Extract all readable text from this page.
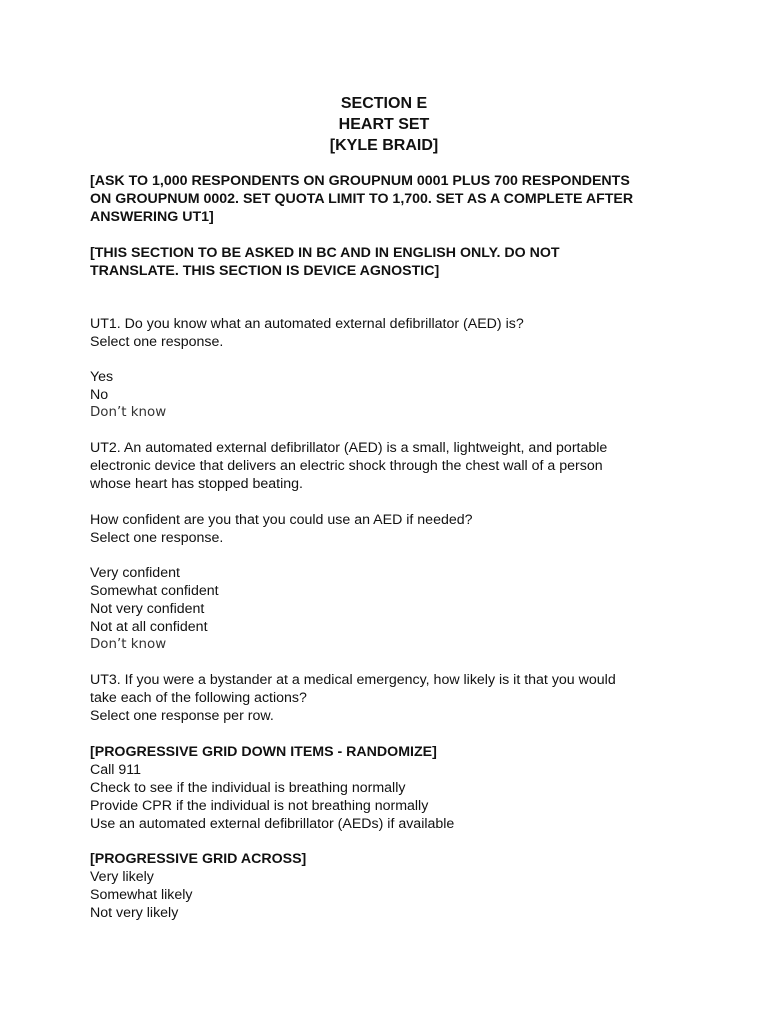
SECTION E
HEART SET
[KYLE BRAID]
[ASK TO 1,000 RESPONDENTS ON GROUPNUM 0001 PLUS 700 RESPONDENTS
ON GROUPNUM 0002. SET QUOTA LIMIT TO 1,700. SET AS A COMPLETE AFTER
ANSWERING UT1]
[THIS SECTION TO BE ASKED IN BC AND IN ENGLISH ONLY. DO NOT
TRANSLATE. THIS SECTION IS DEVICE AGNOSTIC]
UT1. Do you know what an automated external defibrillator (AED) is?
Select one response.
Yes
No
Don’t know
UT2. An automated external defibrillator (AED) is a small, lightweight, and portable
electronic device that delivers an electric shock through the chest wall of a person
whose heart has stopped beating.
How confident are you that you could use an AED if needed?
Select one response.
Very confident
Somewhat confident
Not very confident
Not at all confident
Don’t know
UT3. If you were a bystander at a medical emergency, how likely is it that you would
take each of the following actions?
Select one response per row.
[PROGRESSIVE GRID DOWN ITEMS - RANDOMIZE]
Call 911
Check to see if the individual is breathing normally
Provide CPR if the individual is not breathing normally
Use an automated external defibrillator (AEDs) if available
[PROGRESSIVE GRID ACROSS]
Very likely
Somewhat likely
Not very likely
